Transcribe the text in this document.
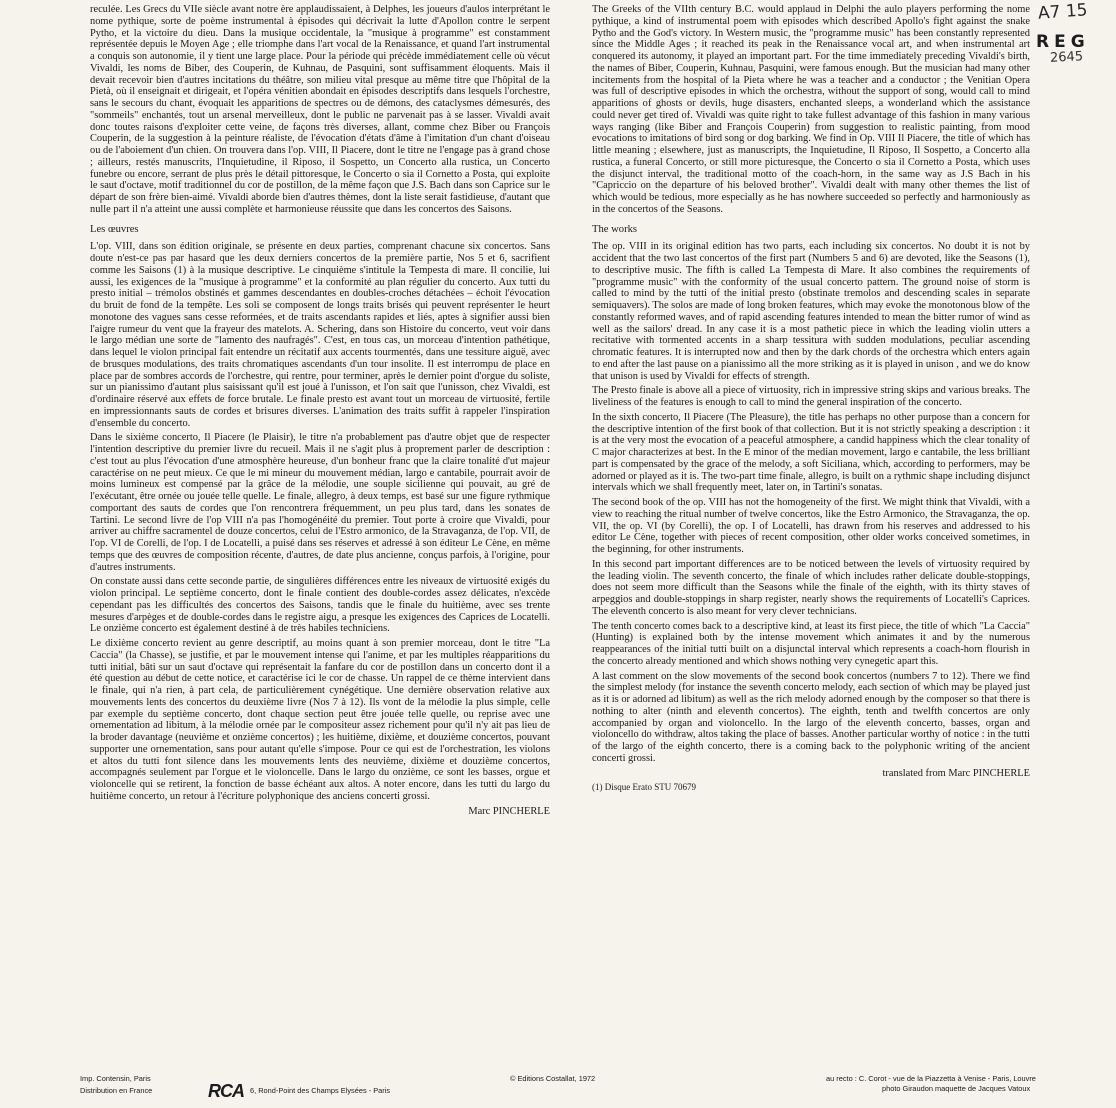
A7 15
REG
2645

reculée. Les Grecs du VIIe siècle avant notre ère applaudissaient, à Delphes, les joueurs d'aulos interprétant le nome pythique, sorte de poème instrumental à épisodes qui décrivait la lutte d'Apollon contre le serpent Pytho, et la victoire du dieu. Dans la musique occidentale, la "musique à programme" est constamment représentée depuis le Moyen Age ; elle triomphe dans l'art vocal de la Renaissance, et quand l'art instrumental a conquis son autonomie, il y tient une large place. Pour la période qui précède immédiatement celle où vécut Vivaldi, les noms de Biber, des Couperin, de Kuhnau, de Pasquini, sont suffisamment éloquents. Mais il devait recevoir bien d'autres incitations du théâtre, son milieu vital presque au même titre que l'hôpital de la Pietà, où il enseignait et dirigeait, et l'opéra vénitien abondait en épisodes descriptifs dans lesquels l'orchestre, sans le secours du chant, évoquait les apparitions de spectres ou de démons, des cataclysmes démesurés, des "sommeils" enchantés, tout un arsenal merveilleux, dont le public ne parvenait pas à se lasser. Vivaldi avait donc toutes raisons d'exploiter cette veine, de façons très diverses, allant, comme chez Biber ou François Couperin, de la suggestion à la peinture réaliste, de l'évocation d'états d'âme à l'imitation d'un chant d'oiseau ou de l'aboiement d'un chien. On trouvera dans l'op. VIII, Il Piacere, dont le titre ne l'engage pas à grand chose ; ailleurs, restés manuscrits, l'Inquietudine, il Riposo, il Sospetto, un Concerto alla rustica, un Concerto funebre ou encore, serrant de plus près le détail pittoresque, le Concerto o sia il Cornetto a Posta, qui exploite le saut d'octave, motif traditionnel du cor de postillon, de la même façon que J.S. Bach dans son Caprice sur le départ de son frère bien-aimé. Vivaldi aborde bien d'autres thèmes, dont la liste serait fastidieuse, d'autant que nulle part il n'a atteint une aussi complète et harmonieuse réussite que dans les concertos des Saisons.

Les œuvres

L'op. VIII, dans son édition originale, se présente en deux parties, comprenant chacune six concertos. Sans doute n'est-ce pas par hasard que les deux derniers concertos de la première partie, Nos 5 et 6, sacrifient comme les Saisons (1) à la musique descriptive. Le cinquième s'intitule la Tempesta di mare. Il concilie, lui aussi, les exigences de la "musique à programme" et la conformité au plan régulier du concerto. Aux tutti du presto initial – trémolos obstinés et gammes descendantes en doubles-croches détachées – échoit l'évocation du bruit de fond de la tempête. Les soli se composent de longs traits brisés qui peuvent représenter le heurt monotone des vagues sans cesse reformées, et de traits ascendants rapides et liés, aptes à signifier aussi bien l'aigre rumeur du vent que la frayeur des matelots. A. Schering, dans son Histoire du concerto, veut voir dans le largo médian une sorte de "lamento des naufragés". C'est, en tous cas, un morceau d'intention pathétique, dans lequel le violon principal fait entendre un récitatif aux accents tourmentés, dans une tessiture aiguë, avec de brusques modulations, des traits chromatiques ascendants d'un tour insolite. Il est interrompu de place en place par de sombres accords de l'orchestre, qui rentre, pour terminer, après le dernier point d'orgue du soliste, sur un pianissimo d'autant plus saisissant qu'il est joué à l'unisson, et l'on sait que l'unisson, chez Vivaldi, est d'ordinaire réservé aux effets de force brutale. Le finale presto est avant tout un morceau de virtuosité, fertile en impressionnants sauts de cordes et brisures diverses. L'animation des traits suffit à rappeler l'inspiration d'ensemble du concerto.

Dans le sixième concerto, Il Piacere (le Plaisir), le titre n'a probablement pas d'autre objet que de respecter l'intention descriptive du premier livre du recueil. Mais il ne s'agit plus à proprement parler de description : c'est tout au plus l'évocation d'une atmosphère heureuse, d'un bonheur franc que la claire tonalité d'ut majeur caractérise on ne peut mieux. Ce que le mi mineur du mouvement médian, largo e cantabile, pourrait avoir de moins lumineux est compensé par la grâce de la mélodie, une souple sicilienne qui pouvait, au gré de l'exécutant, être ornée ou jouée telle quelle. Le finale, allegro, à deux temps, est basé sur une figure rythmique comportant des sauts de cordes que l'on rencontrera fréquemment, un peu plus tard, dans les sonates de Tartini. Le second livre de l'op VIII n'a pas l'homogénéité du premier. Tout porte à croire que Vivaldi, pour arriver au chiffre sacramentel de douze concertos, celui de l'Estro armonico, de la Stravaganza, de l'op. VII, de l'op. VI de Corelli, de l'op. I de Locatelli, a puisé dans ses réserves et adressé à son éditeur Le Cène, en même temps que des œuvres de composition récente, d'autres, de date plus ancienne, conçus parfois, à l'origine, pour d'autres instruments.

On constate aussi dans cette seconde partie, de singulières différences entre les niveaux de virtuosité exigés du violon principal. Le septième concerto, dont le finale contient des double-cordes assez délicates, n'excède cependant pas les difficultés des concertos des Saisons, tandis que le finale du huitième, avec ses trente mesures d'arpèges et de double-cordes dans le registre aigu, a presque les exigences des Caprices de Locatelli. Le onzième concerto est également destiné à de très habiles techniciens.

Le dixième concerto revient au genre descriptif, au moins quant à son premier morceau, dont le titre "La Caccia" (la Chasse), se justifie, et par le mouvement intense qui l'anime, et par les multiples réapparitions du tutti initial, bâti sur un saut d'octave qui représentait la fanfare du cor de postillon dans un concerto dont il a été question au début de cette notice, et caractérise ici le cor de chasse. Un rappel de ce thème intervient dans le finale, qui n'a rien, à part cela, de particulièrement cynégétique. Une dernière observation relative aux mouvements lents des concertos du deuxième livre (Nos 7 à 12). Ils vont de la mélodie la plus simple, celle par exemple du septième concerto, dont chaque section peut être jouée telle quelle, ou reprise avec une ornementation ad libitum, à la mélodie ornée par le compositeur assez richement pour qu'il n'y ait pas lieu de la broder davantage (neuvième et onzième concertos) ; les huitième, dixième, et douzième concertos, pouvant supporter une ornementation, sans pour autant qu'elle s'impose. Pour ce qui est de l'orchestration, les violons et altos du tutti font silence dans les mouvements lents des neuvième, dixième et douzième concertos, accompagnés seulement par l'orgue et le violoncelle. Dans le largo du onzième, ce sont les basses, orgue et violoncelle qui se retirent, la fonction de basse échéant aux altos. A noter encore, dans les tutti du largo du huitième concerto, un retour à l'écriture polyphonique des anciens concerti grossi.

Marc PINCHERLE

The Greeks of the VIIth century B.C. would applaud in Delphi the aulo players performing the nome pythique, a kind of instrumental poem with episodes which described Apollo's fight against the snake Pytho and the God's victory. In Western music, the "programme music" has been constantly represented since the Middle Ages ; it reached its peak in the Renaissance vocal art, and when instrumental art conquered its autonomy, it played an important part. For the time immediately preceding Vivaldi's birth, the names of Biber, Couperin, Kuhnau, Pasquini, were famous enough. But the musician had many other incitements from the hospital of la Pieta where he was a teacher and a conductor ; the Venitian Opera was full of descriptive episodes in which the orchestra, without the support of song, would call to mind apparitions of ghosts or devils, huge disasters, enchanted sleeps, a wonderland which the assistance could never get tired of. Vivaldi was quite right to take fullest advantage of this fashion in many various ways ranging (like Biber and François Couperin) from suggestion to realistic painting, from mood evocations to imitations of bird song or dog barking. We find in Op. VIII Il Piacere, the title of which has little meaning ; elsewhere, just as manuscripts, the Inquietudine, Il Riposo, Il Sospetto, a Concerto alla rustica, a funeral Concerto, or still more picturesque, the Concerto o sia il Cornetto a Posta, which uses the disjunct interval, the traditional motto of the coach-horn, in the same way as J.S Bach in his "Capriccio on the departure of his beloved brother". Vivaldi dealt with many other themes the list of which would be tedious, more especially as he has nowhere succeeded so perfectly and harmoniously as in the concertos of the Seasons.

The works

The op. VIII in its original edition has two parts, each including six concertos. No doubt it is not by accident that the two last concertos of the first part (Numbers 5 and 6) are devoted, like the Seasons (1), to descriptive music. The fifth is called La Tempesta di Mare. It also combines the requirements of "programme music" with the conformity of the usual concerto pattern. The ground noise of storm is called to mind by the tutti of the initial presto (obstinate tremolos and descending scales in separate semiquavers). The solos are made of long broken features, which may evoke the monotonous blow of the constantly reformed waves, and of rapid ascending features intended to mean the bitter rumor of wind as well as the sailors' dread. In any case it is a most pathetic piece in which the leading violin utters a recitative with tormented accents in a sharp tessitura with sudden modulations, peculiar ascending chromatic features. It is interrupted now and then by the dark chords of the orchestra which enters again to end after the last pause on a pianissimo all the more striking as it is played in unison , and we do know that unison is used by Vivaldi for effects of strength.

The Presto finale is above all a piece of virtuosity, rich in impressive string skips and various breaks. The liveliness of the features is enough to call to mind the general inspiration of the concerto.

In the sixth concerto, Il Piacere (The Pleasure), the title has perhaps no other purpose than a concern for the descriptive intention of the first book of that collection. But it is not strictly speaking a description : it is at the very most the evocation of a peaceful atmosphere, a candid happiness which the clear tonality of C major characterizes at best. In the E minor of the median movement, largo e cantabile, the less brilliant part is compensated by the grace of the melody, a soft Siciliana, which, according to performers, may be adorned or played as it is. The two-part time finale, allegro, is built on a rythmic shape including disjunct intervals which we shall frequently meet, later on, in Tartini's sonatas.

The second book of the op. VIII has not the homogeneity of the first. We might think that Vivaldi, with a view to reaching the ritual number of twelve concertos, like the Estro Armonico, the Stravaganza, the op. VII, the op. VI (by Corelli), the op. I of Locatelli, has drawn from his reserves and addressed to his editor Le Cène, together with pieces of recent composition, other older works conceived sometimes, in the beginning, for other instruments.

In this second part important differences are to be noticed between the levels of virtuosity required by the leading violin. The seventh concerto, the finale of which includes rather delicate double-stoppings, does not seem more difficult than the Seasons while the finale of the eighth, with its thirty staves of arpeggios and double-stoppings in sharp register, nearly shows the requirements of Locatelli's Caprices. The eleventh concerto is also meant for very clever technicians.

The tenth concerto comes back to a descriptive kind, at least its first piece, the title of which "La Caccia" (Hunting) is explained both by the intense movement which animates it and by the numerous reappearances of the initial tutti built on a disjunctal interval which represents a coach-horn flourish in the concerto already mentioned and which shows nothing very cynegetic apart this.

A last comment on the slow movements of the second book concertos (numbers 7 to 12). There we find the simplest melody (for instance the seventh concerto melody, each section of which may be played just as it is or adorned ad libitum) as well as the rich melody adorned enough by the composer so that there is nothing to alter (ninth and eleventh concertos). The eighth, tenth and twelfth concertos are only accompanied by organ and violoncello. In the largo of the eleventh concerto, basses, organ and violoncello do withdraw, altos taking the place of basses. Another particular worthy of notice : in the tutti of the largo of the eighth concerto, there is a coming back to the polyphonic writing of the ancient concerti grossi.

translated from Marc PINCHERLE

(1) Disque Erato STU 70679

Imp. Contensin, Paris
Distribution en France	RCA 6, Rond-Point des Champs Elysées - Paris
© Editions Costallat, 1972	au recto : C. Corot - vue de la Piazzetta à Venise - Paris, Louvre
photo Giraudon maquette de Jacques Vatoux
